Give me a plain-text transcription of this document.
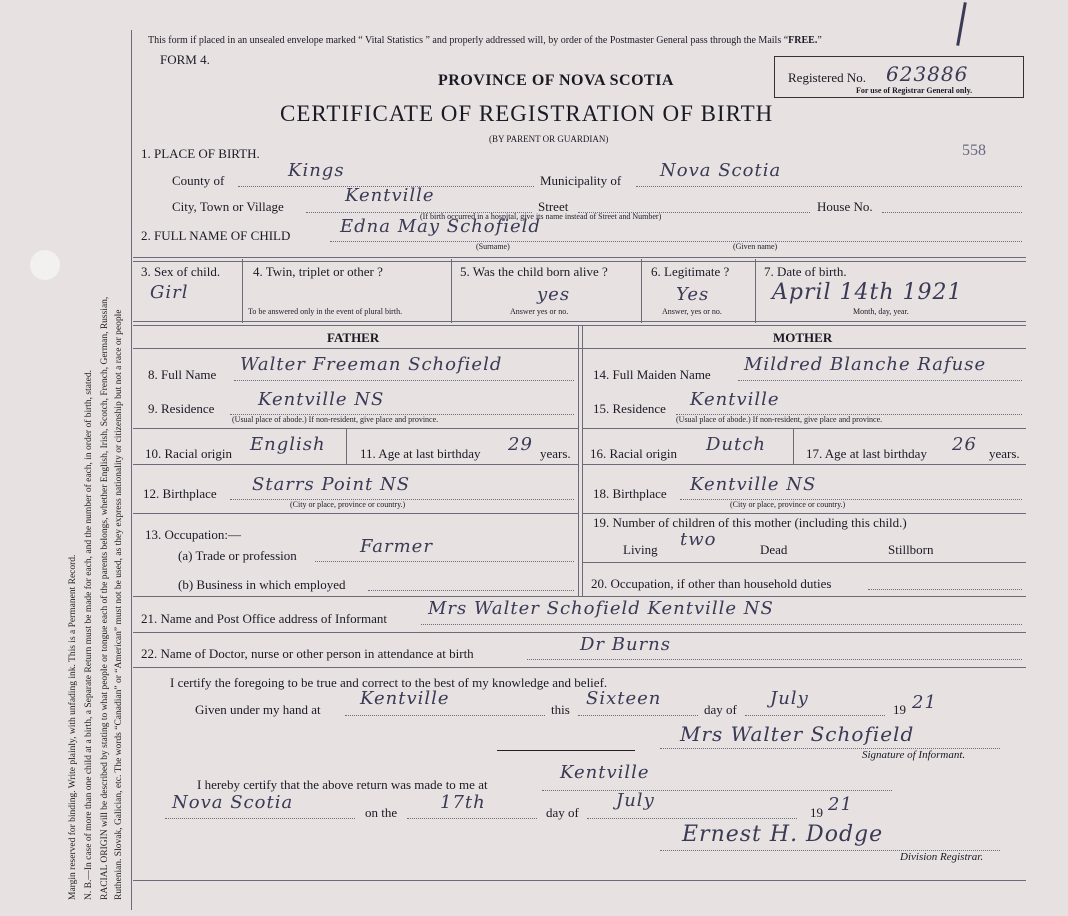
Margin reserved for binding. Write plainly, with unfading ink. This is a Permanent Record. N. B.—In case of more than one child at a birth, a Separate Return must be made for each, and the number of each, in order of birth, stated. RACIAL ORIGIN will be described by stating to what people or tongue each of the parents belongs, whether English, Irish, Scotch, French, German, Russian, Ruthenian. Slovak, Galician, etc. The words “Canadian” or “American” must not be used, as they express nationality or citizenship but not a race or people
This form if placed in an unsealed envelope marked “ Vital Statistics ” and properly addressed will, by order of the Postmaster General pass through the Mails “FREE.”
FORM 4.
PROVINCE OF NOVA SCOTIA
CERTIFICATE OF REGISTRATION OF BIRTH
(BY PARENT OR GUARDIAN)
Registered No. 623886
For use of Registrar General only.
1. PLACE OF BIRTH.	558
County of	Kings	Municipality of Nova Scotia
City, Town or Village
Kentville
Street	House No.
(If birth occurred in a hospital, give its name instead of Street and Number)
2. FULL NAME OF CHILD	Edna May Schofield
(Surname)	(Given name)
3. Sex of child.
Girl
4. Twin, triplet or other ?
To be answered only in the event of plural birth.
5. Was the child born alive ?
yes
Answer yes or no.
6. Legitimate ?
Yes
Answer, yes or no.
7. Date of birth.
April 14th 1921
Month, day, year.
FATHER	MOTHER
8. Full Name Walter Freeman Schofield
9. Residence Kentville NS
(Usual place of abode.) If non-resident, give place and province.
10. Racial origin English	11. Age at last birthday 29 years.
12. Birthplace Starrs Point NS
(City or place, province or country.)
13. Occupation:—
(a) Trade or profession	Farmer
(b) Business in which employed
14. Full Maiden Name Mildred Blanche Rafuse
15. Residence Kentville
(Usual place of abode.) If non-resident, give place and province.
16. Racial origin Dutch	17. Age at last birthday 26 years.
18. Birthplace Kentville NS
(City or place, province or country.)
19. Number of children of this mother (including this child.)
Living two	Dead	Stillborn
20. Occupation, if other than household duties
21. Name and Post Office address of Informant Mrs Walter Schofield Kentville NS
22. Name of Doctor, nurse or other person in attendance at birth	Dr Burns
I certify the foregoing to be true and correct to the best of my knowledge and belief.
Given under my hand at
Kentville
this
Sixteen
day of
July
19 21
Mrs Walter Schofield
Signature of Informant.
I hereby certify that the above return was made to me at
Kentville
Nova Scotia	on the 17th	day of
July
19 21
Ernest H. Dodge
Division Registrar.
